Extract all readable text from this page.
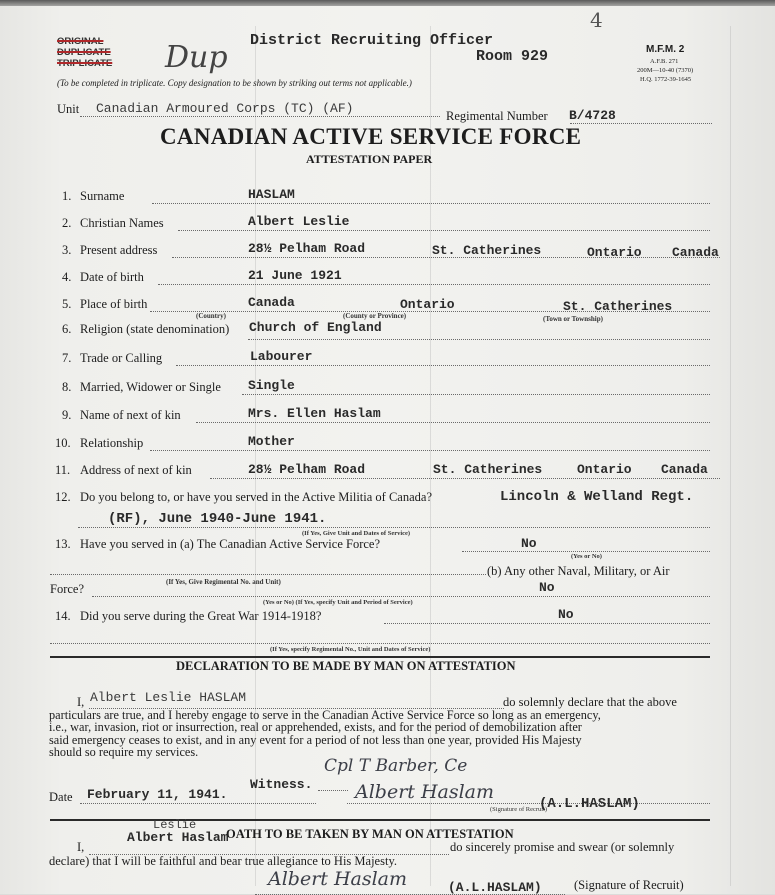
ORIGINAL
DUPLICATE
TRIPLICATE Dup
4
District Recruiting Officer
Room 929	M.F.M. 2
A.F.B. 271
200M—10-40 (7370)
H.Q. 1772-39-1645
(To be completed in triplicate. Copy designation to be shown by striking out terms not applicable.)
Unit Canadian Armoured Corps (TC) (AF)	Regimental Number B/4728
CANADIAN ACTIVE SERVICE FORCE
ATTESTATION PAPER
1. Surname	HASLAM
2. Christian Names	Albert Leslie
3. Present address	28½ Pelham Road	St. Catherines	Ontario Canada
4. Date of birth	21 June 1921
5. Place of birth	Canada	Ontario	St. Catherines
(Country)	(County or Province)	(Town or Township)
6. Religion (state denomination) Church of England
7. Trade or Calling	Labourer
8. Married, Widower or Single Single
9. Name of next of kin	Mrs. Ellen Haslam
10. Relationship	Mother
11. Address of next of kin	28½ Pelham Road	St. Catherines	Ontario Canada
12. Do you belong to, or have you served in the Active Militia of Canada?	Lincoln & Welland Regt.
(RF), June 1940-June 1941.
(If Yes, Give Unit and Dates of Service)
13. Have you served in (a) The Canadian Active Service Force?	No
(Yes or No)
(b) Any other Naval, Military, or Air
(If Yes, Give Regimental No. and Unit)
Force?	No
(Yes or No) (If Yes, specify Unit and Period of Service)
14. Did you serve during the Great War 1914-1918?	No
(If Yes, specify Regimental No., Unit and Dates of Service)
DECLARATION TO BE MADE BY MAN ON ATTESTATION
I, Albert Leslie HASLAM	do solemnly declare that the above
particulars are true, and I hereby engage to serve in the Canadian Active Service Force so long as an emergency,
i.e., war, invasion, riot or insurrection, real or apprehended, exists, and for the period of demobilization after
said emergency ceases to exist, and in any event for a period of not less than one year, provided His Majesty
should so require my services.
Witness.
Cpl T Barber, Ce
Date February 11, 1941.	Albert Haslam
(Signature of Recruit)
(A.L.HASLAM)
OATH TO BE TAKEN BY MAN ON ATTESTATION
I,
Leslie
Albert Haslam
do sincerely promise and swear (or solemnly
declare) that I will be faithful and bear true allegiance to His Majesty.
Albert Haslam	(A.L.HASLAM)	(Signature of Recruit)
